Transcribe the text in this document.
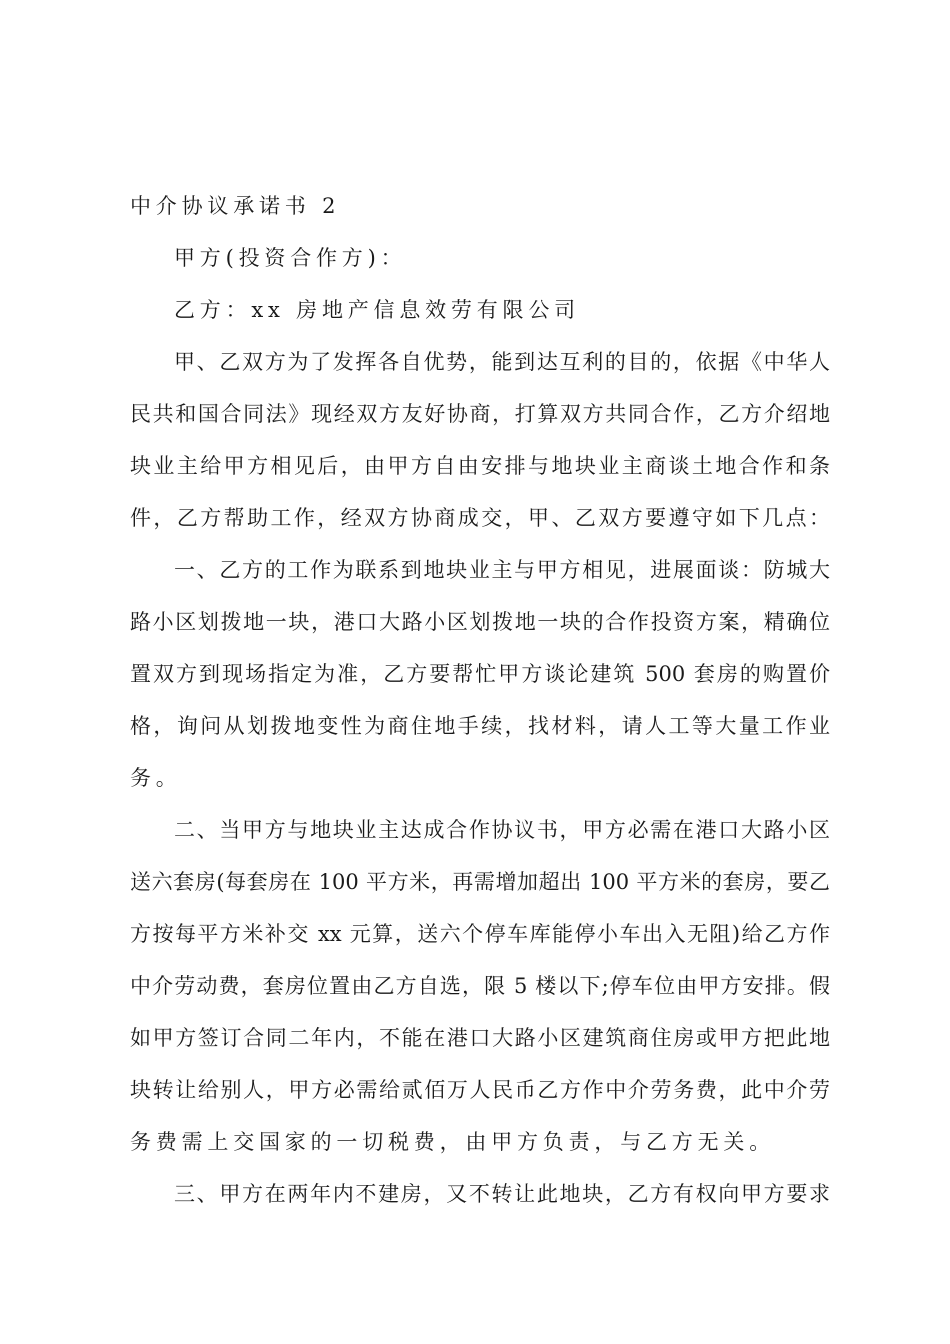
中介协议承诺书 2
甲方(投资合作方)：
乙方：xx 房地产信息效劳有限公司
甲、乙双方为了发挥各自优势，能到达互利的目的，依据《中华人
民共和国合同法》现经双方友好协商，打算双方共同合作，乙方介绍地
块业主给甲方相见后，由甲方自由安排与地块业主商谈土地合作和条
件，乙方帮助工作，经双方协商成交，甲、乙双方要遵守如下几点：
一、乙方的工作为联系到地块业主与甲方相见，进展面谈：防城大
路小区划拨地一块，港口大路小区划拨地一块的合作投资方案，精确位
置双方到现场指定为准，乙方要帮忙甲方谈论建筑 500 套房的购置价
格，询问从划拨地变性为商住地手续，找材料，请人工等大量工作业
务。
二、当甲方与地块业主达成合作协议书，甲方必需在港口大路小区
送六套房(每套房在 100 平方米，再需增加超出 100 平方米的套房，要乙
方按每平方米补交 xx 元算，送六个停车库能停小车出入无阻)给乙方作
中介劳动费，套房位置由乙方自选，限 5 楼以下;停车位由甲方安排。假
如甲方签订合同二年内，不能在港口大路小区建筑商住房或甲方把此地
块转让给别人，甲方必需给贰佰万人民币乙方作中介劳务费，此中介劳
务费需上交国家的一切税费，由甲方负责，与乙方无关。
三、甲方在两年内不建房，又不转让此地块，乙方有权向甲方要求
